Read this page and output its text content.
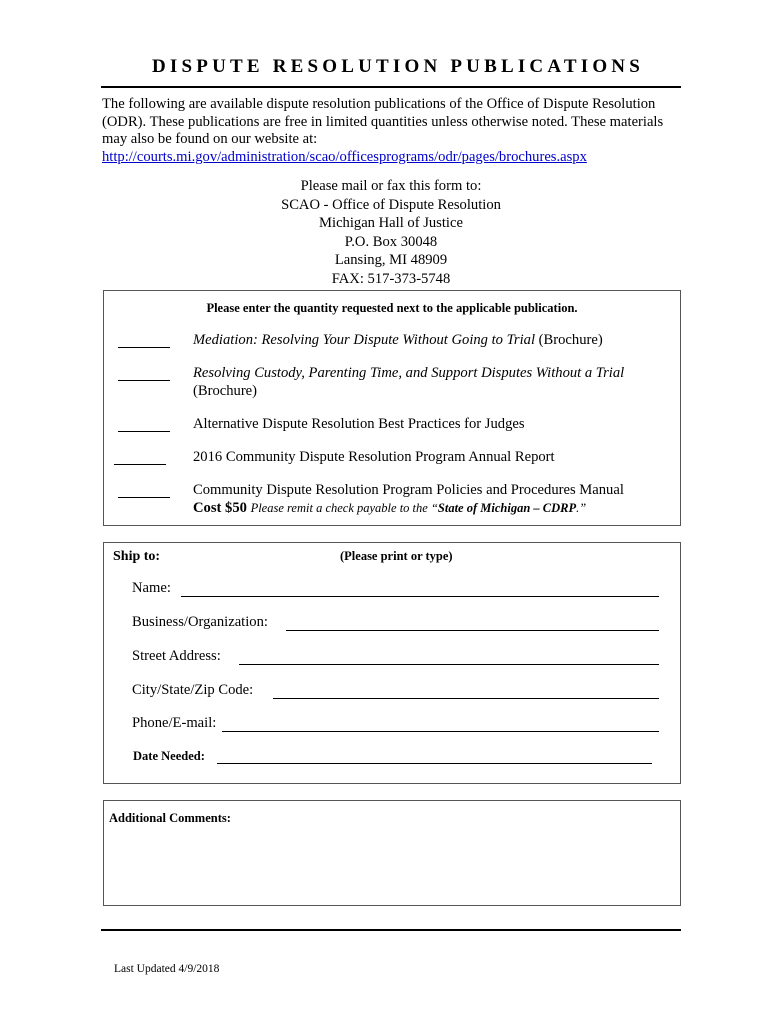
DISPUTE RESOLUTION PUBLICATIONS
The following are available dispute resolution publications of the Office of Dispute Resolution (ODR). These publications are free in limited quantities unless otherwise noted. These materials may also be found on our website at:
http://courts.mi.gov/administration/scao/officesprograms/odr/pages/brochures.aspx
Please mail or fax this form to:
SCAO - Office of Dispute Resolution
Michigan Hall of Justice
P.O. Box 30048
Lansing, MI 48909
FAX: 517-373-5748
Please enter the quantity requested next to the applicable publication.
Mediation: Resolving Your Dispute Without Going to Trial (Brochure)
Resolving Custody, Parenting Time, and Support Disputes Without a Trial
(Brochure)
Alternative Dispute Resolution Best Practices for Judges
2016 Community Dispute Resolution Program Annual Report
Community Dispute Resolution Program Policies and Procedures Manual
Cost $50 Please remit a check payable to the “State of Michigan – CDRP.”
Ship to:	(Please print or type)
Name:
Business/Organization:
Street Address:
City/State/Zip Code:
Phone/E-mail:
Date Needed:
Additional Comments:
Last Updated 4/9/2018
